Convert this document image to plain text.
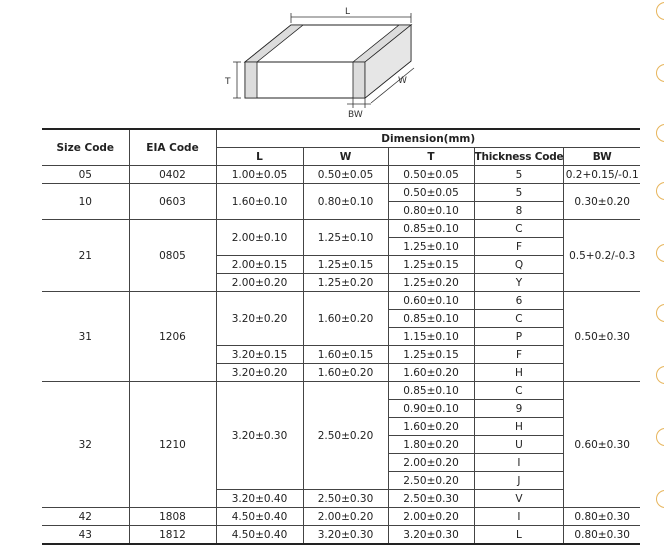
L
T	W
BW
Size Code	EIA Code	Dimension(mm)				
		L	W	T	Thickness Code	BW
05	0402	1.00±0.05	0.50±0.05	0.50±0.05	5	0.2+0.15/-0.1
10	0603	1.60±0.10	0.80±0.10	0.50±0.05	5	0.30±0.20
				0.80±0.10	8	
21	0805	2.00±0.10	1.25±0.10	0.85±0.10	C	0.5+0.2/-0.3
				1.25±0.10	F	
		2.00±0.15	1.25±0.15	1.25±0.15	Q	
		2.00±0.20	1.25±0.20	1.25±0.20	Y	
31	1206	3.20±0.20	1.60±0.20	0.60±0.10	6	0.50±0.30
				0.85±0.10	C	
				1.15±0.10	P	
		3.20±0.15	1.60±0.15	1.25±0.15	F	
		3.20±0.20	1.60±0.20	1.60±0.20	H	
32	1210	3.20±0.30	2.50±0.20	0.85±0.10	C	0.60±0.30
				0.90±0.10	9	
				1.60±0.20	H	
				1.80±0.20	U	
				2.00±0.20	I	
				2.50±0.20	J	
		3.20±0.40	2.50±0.30	2.50±0.30	V	
42	1808	4.50±0.40	2.00±0.20	2.00±0.20	I	0.80±0.30
43	1812	4.50±0.40	3.20±0.30	3.20±0.30	L	0.80±0.30
